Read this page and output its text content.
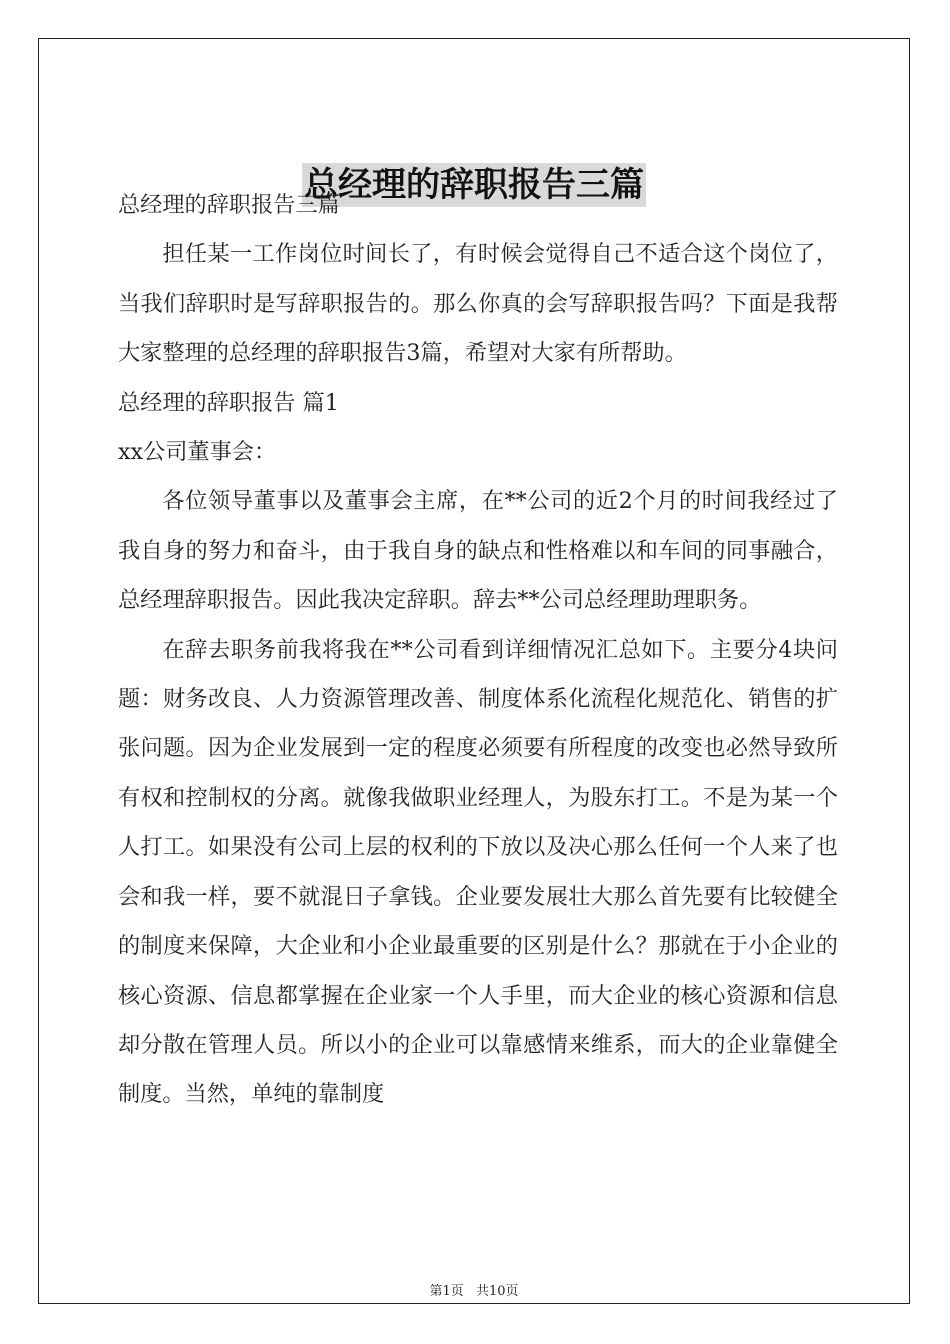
总经理的辞职报告三篇

总经理的辞职报告三篇

担任某一工作岗位时间长了，有时候会觉得自己不适合这个岗位了，当我们辞职时是写辞职报告的。那么你真的会写辞职报告吗？下面是我帮大家整理的总经理的辞职报告3篇，希望对大家有所帮助。

总经理的辞职报告 篇1

xx公司董事会：

各位领导董事以及董事会主席，在**公司的近2个月的时间我经过了我自身的努力和奋斗，由于我自身的缺点和性格难以和车间的同事融合，总经理辞职报告。因此我决定辞职。辞去**公司总经理助理职务。

在辞去职务前我将我在**公司看到详细情况汇总如下。主要分4块问题：财务改良、人力资源管理改善、制度体系化流程化规范化、销售的扩张问题。因为企业发展到一定的程度必须要有所程度的改变也必然导致所有权和控制权的分离。就像我做职业经理人，为股东打工。不是为某一个人打工。如果没有公司上层的权利的下放以及决心那么任何一个人来了也会和我一样，要不就混日子拿钱。企业要发展壮大那么首先要有比较健全的制度来保障，大企业和小企业最重要的区别是什么？那就在于小企业的核心资源、信息都掌握在企业家一个人手里，而大企业的核心资源和信息却分散在管理人员。所以小的企业可以靠感情来维系，而大的企业靠健全制度。当然，单纯的靠制度

第1页 共10页
